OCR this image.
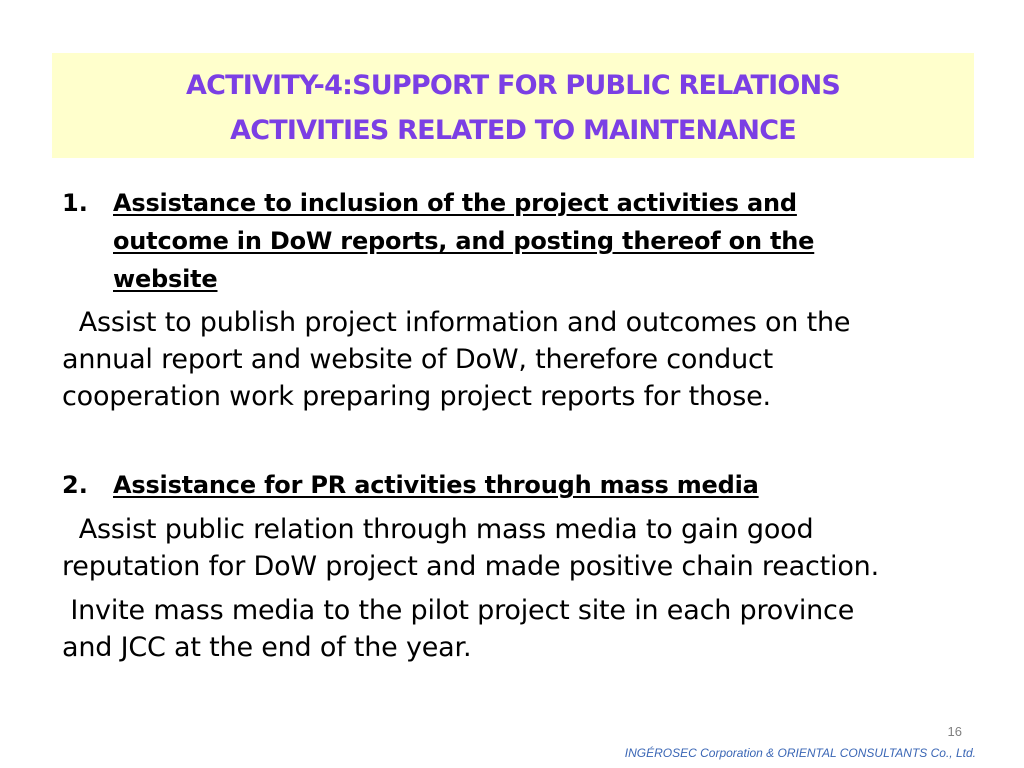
ACTIVITY-4:SUPPORT FOR PUBLIC RELATIONS
ACTIVITIES RELATED TO MAINTENANCE
1. Assistance to inclusion of the project activities and
outcome in DoW reports, and posting thereof on the
website
Assist to publish project information and outcomes on the
annual report and website of DoW, therefore conduct
cooperation work preparing project reports for those.
2. Assistance for PR activities through mass media
Assist public relation through mass media to gain good
reputation for DoW project and made positive chain reaction.
Invite mass media to the pilot project site in each province
and JCC at the end of the year.
16
INGÉROSEC Corporation & ORIENTAL CONSULTANTS Co., Ltd.
